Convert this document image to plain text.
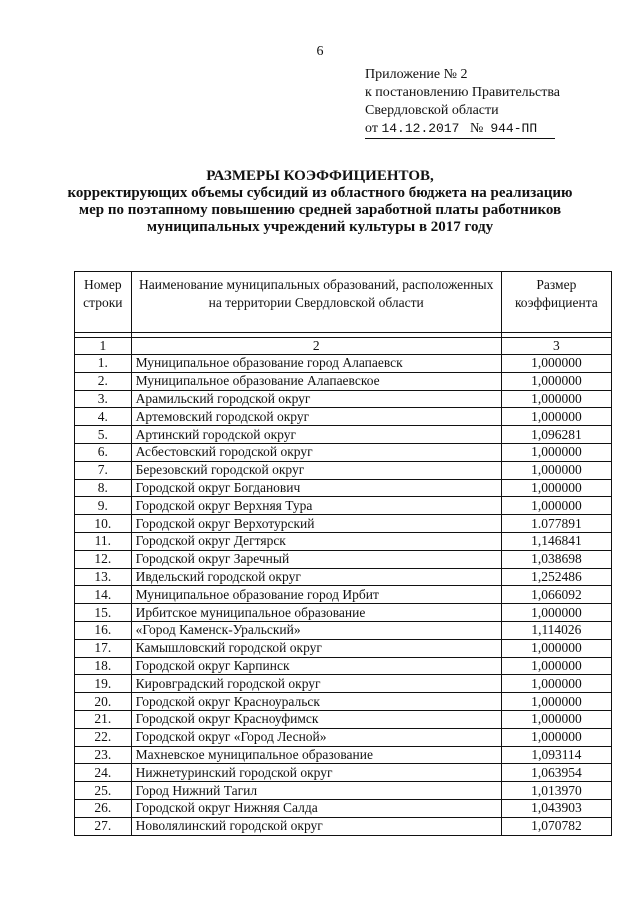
6
Приложение № 2
к постановлению Правительства
Свердловской области
от 14.12.2017 № 944-ПП
РАЗМЕРЫ КОЭФФИЦИЕНТОВ,
корректирующих объемы субсидий из областного бюджета на реализацию
мер по поэтапному повышению средней заработной платы работников
муниципальных учреждений культуры в 2017 году
Номер строки	Наименование муниципальных образований, расположенных на территории Свердловской области	Размер коэффициента

1	2	3
1.	Муниципальное образование город Алапаевск	1,000000
2.	Муниципальное образование Алапаевское	1,000000
3.	Арамильский городской округ	1,000000
4.	Артемовский городской округ	1,000000
5.	Артинский городской округ	1,096281
6.	Асбестовский городской округ	1,000000
7.	Березовский городской округ	1,000000
8.	Городской округ Богданович	1,000000
9.	Городской округ Верхняя Тура	1,000000
10.	Городской округ Верхотурский	1.077891
11.	Городской округ Дегтярск	1,146841
12.	Городской округ Заречный	1,038698
13.	Ивдельский городской округ	1,252486
14.	Муниципальное образование город Ирбит	1,066092
15.	Ирбитское муниципальное образование	1,000000
16.	«Город Каменск-Уральский»	1,114026
17.	Камышловский городской округ	1,000000
18.	Городской округ Карпинск	1,000000
19.	Кировградский городской округ	1,000000
20.	Городской округ Красноуральск	1,000000
21.	Городской округ Красноуфимск	1,000000
22.	Городской округ «Город Лесной»	1,000000
23.	Махневское муниципальное образование	1,093114
24.	Нижнетуринский городской округ	1,063954
25.	Город Нижний Тагил	1,013970
26.	Городской округ Нижняя Салда	1,043903
27.	Новолялинский городской округ	1,070782
